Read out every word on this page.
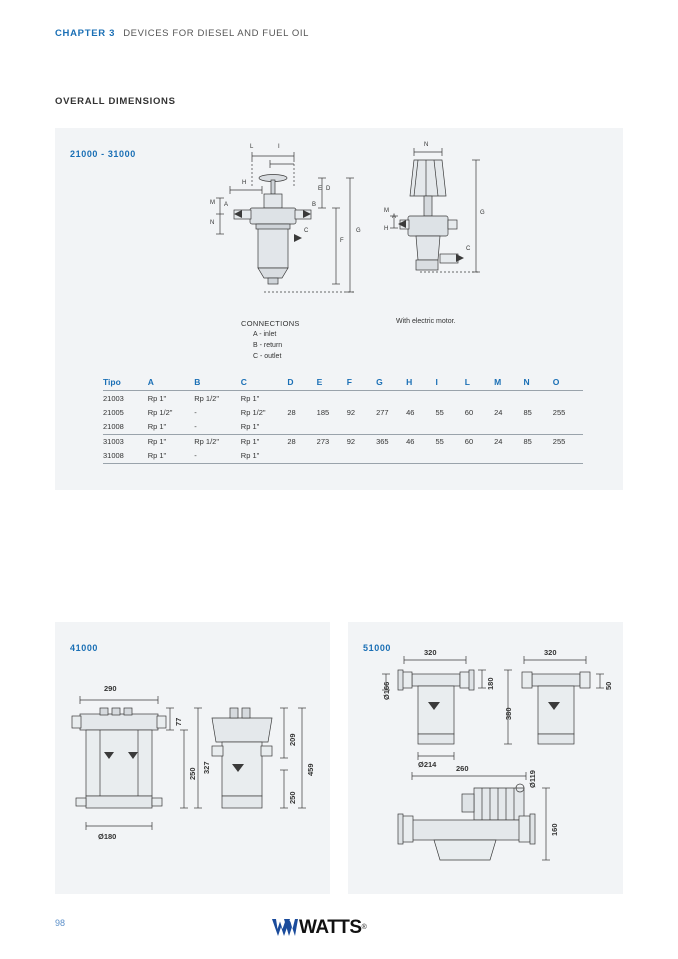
CHAPTER 3 DEVICES FOR DIESEL AND FUEL OIL
OVERALL DIMENSIONS
21000 - 31000
L	I
H
M
N
A	B
C
E D
F
G
N
M
H
G
A
C
CONNECTIONS
A - inlet
B - return
C - outlet
With electric motor.
Tipo	A	B	C	D	E	F	G	H	I	L	M	N	O
21003	Rp 1"	Rp 1/2"	Rp 1"										
21005	Rp 1/2"	-	Rp 1/2"	28	185	92	277	46	55	60	24	85	255
21008	Rp 1"	-	Rp 1"										
31003	Rp 1"	Rp 1/2"	Rp 1"	28	273	92	365	46	55	60	24	85	255
31008	Rp 1"	-	Rp 1"										
41000
290
77
250 327
Ø180
209
250
459
51000	320	320
Ø166	180
380
50
Ø214	260
Ø119
160
98	WATTS ®
